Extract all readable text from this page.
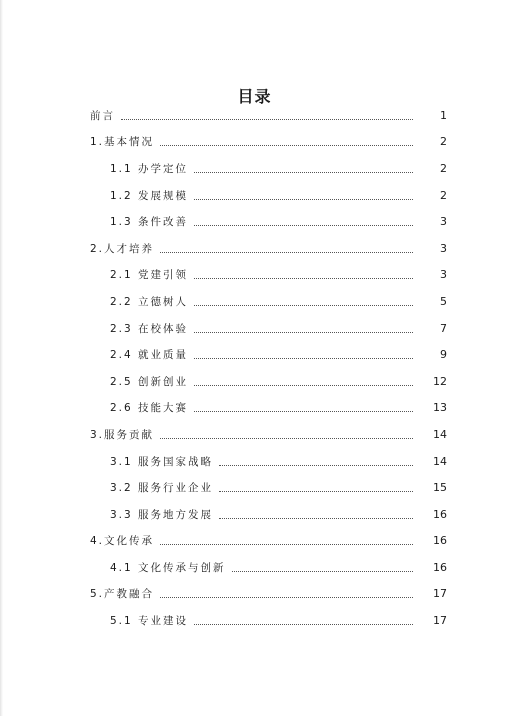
目录
前言	1
1.基本情况	2
1.1 办学定位	2
1.2 发展规模	2
1.3 条件改善	3
2.人才培养	3
2.1 党建引领	3
2.2 立德树人	5
2.3 在校体验	7
2.4 就业质量	9
2.5 创新创业	12
2.6 技能大赛	13
3.服务贡献	14
3.1 服务国家战略	14
3.2 服务行业企业	15
3.3 服务地方发展	16
4.文化传承	16
4.1 文化传承与创新	16
5.产教融合	17
5.1 专业建设	17
